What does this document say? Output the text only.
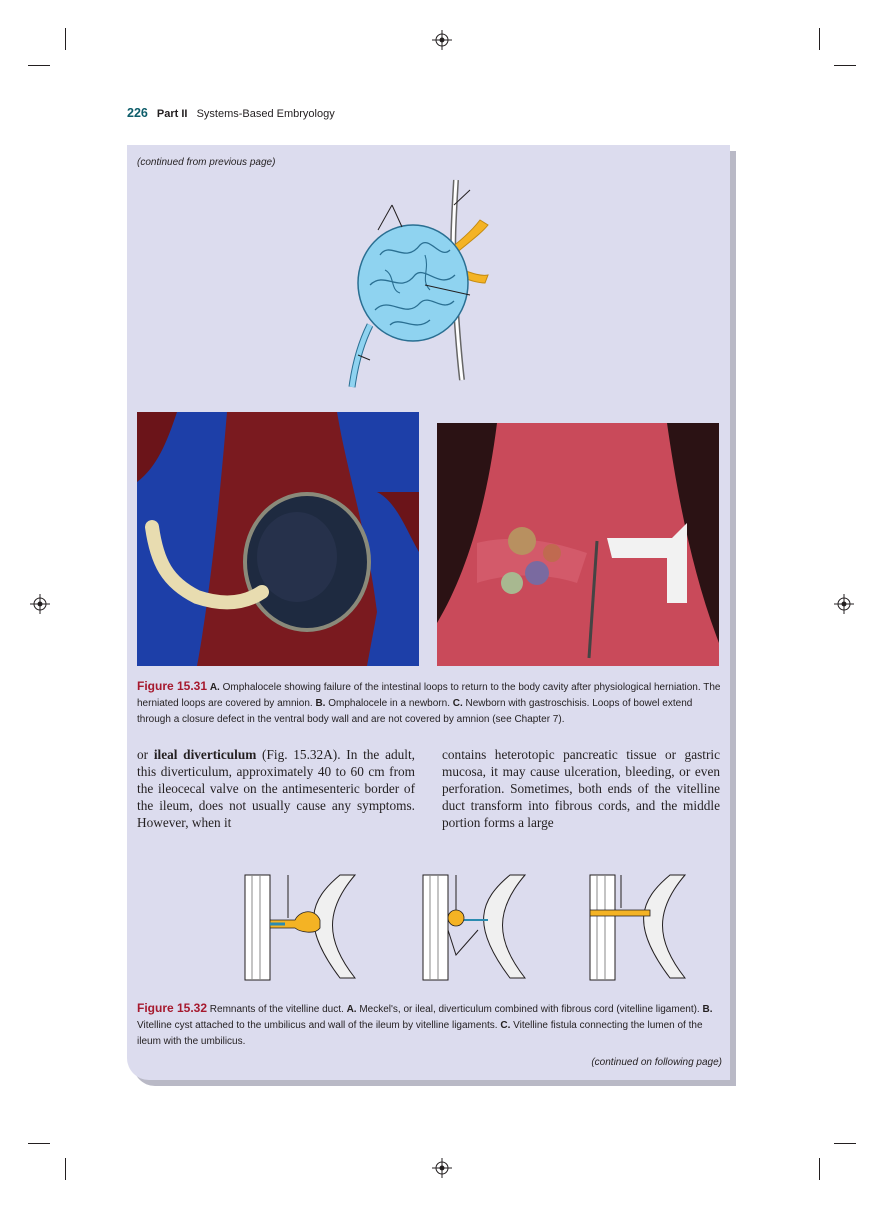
226 Part II Systems-Based Embryology
(continued from previous page)
Figure 15.31 A. Omphalocele showing failure of the intestinal loops to return to the body cavity after physiological herniation. The herniated loops are covered by amnion. B. Omphalocele in a newborn. C. Newborn with gastroschisis. Loops of bowel extend through a closure defect in the ventral body wall and are not covered by amnion (see Chapter 7).
or ileal diverticulum (Fig. 15.32A). In the adult, this diverticulum, approximately 40 to 60 cm from the ileocecal valve on the antimesenteric border of the ileum, does not usually cause any symptoms. However, when it
contains heterotopic pancreatic tissue or gastric mucosa, it may cause ulceration, bleeding, or even perforation. Sometimes, both ends of the vitelline duct transform into fibrous cords, and the middle portion forms a large
Figure 15.32 Remnants of the vitelline duct. A. Meckel's, or ileal, diverticulum combined with fibrous cord (vitelline ligament). B. Vitelline cyst attached to the umbilicus and wall of the ileum by vitelline ligaments. C. Vitelline fistula connecting the lumen of the ileum with the umbilicus.
(continued on following page)
